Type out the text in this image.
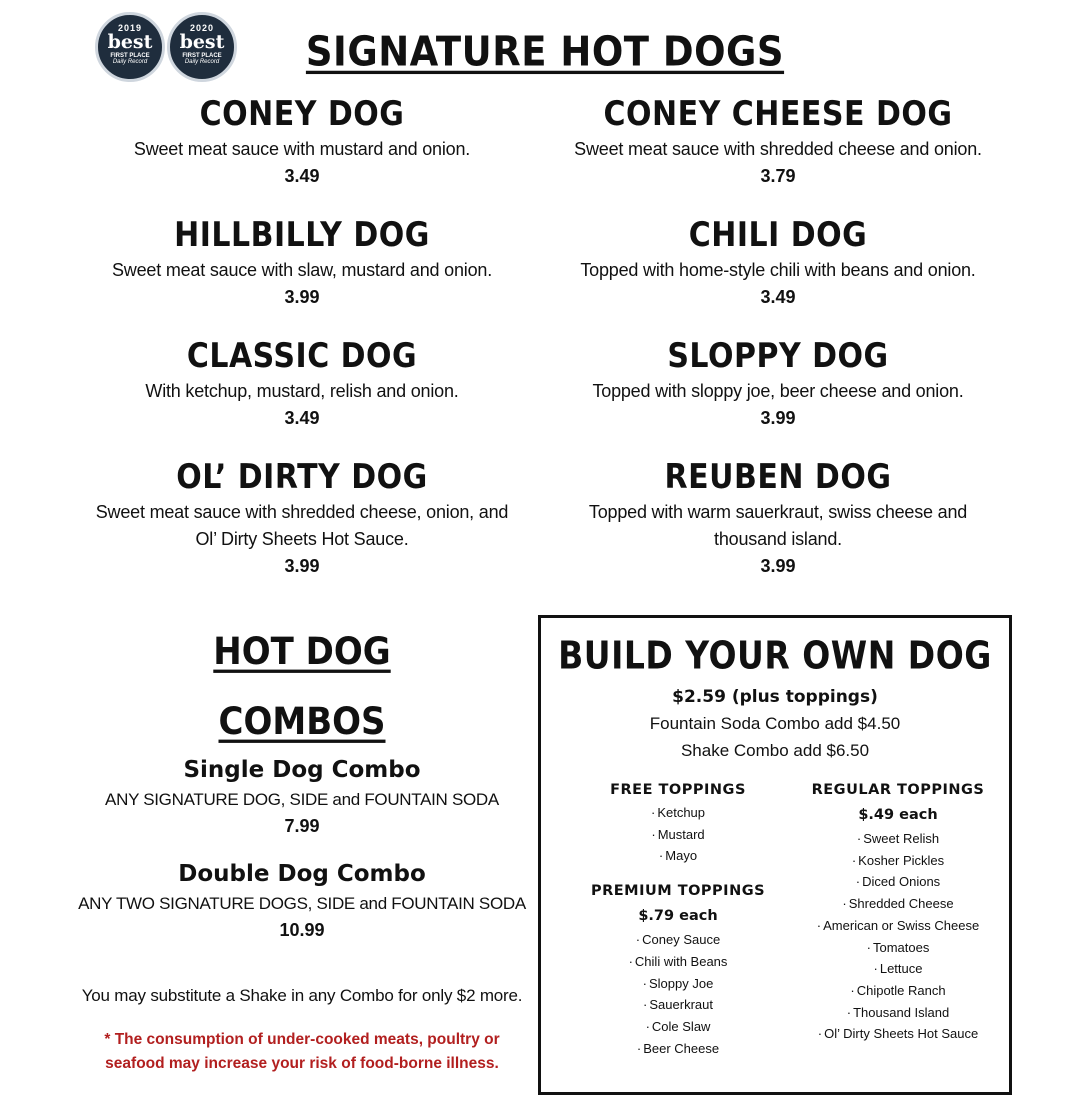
2019
best
FIRST PLACE
Daily Record
2020
best
FIRST PLACE
Daily Record	SIGNATURE HOT DOGS
CONEY DOG
Sweet meat sauce with mustard and onion.
3.49
HILLBILLY DOG
Sweet meat sauce with slaw, mustard and onion.
3.99
CLASSIC DOG
With ketchup, mustard, relish and onion.
3.49
OL’ DIRTY DOG
Sweet meat sauce with shredded cheese, onion, and
Ol’ Dirty Sheets Hot Sauce.
3.99
CONEY CHEESE DOG
Sweet meat sauce with shredded cheese and onion.
3.79
CHILI DOG
Topped with home-style chili with beans and onion.
3.49
SLOPPY DOG
Topped with sloppy joe, beer cheese and onion.
3.99
REUBEN DOG
Topped with warm sauerkraut, swiss cheese and
thousand island.
3.99
HOT DOG
COMBOS
Single Dog Combo
ANY SIGNATURE DOG, SIDE and FOUNTAIN SODA
7.99
Double Dog Combo
ANY TWO SIGNATURE DOGS, SIDE and FOUNTAIN SODA
10.99
You may substitute a Shake in any Combo for only $2 more.
* The consumption of under-cooked meats, poultry or
seafood may increase your risk of food-borne illness.
BUILD YOUR OWN DOG
$2.59 (plus toppings)
Fountain Soda Combo add $4.50
Shake Combo add $6.50
FREE TOPPINGS
· Ketchup
· Mustard
· Mayo
PREMIUM TOPPINGS
$.79 each
· Coney Sauce
· Chili with Beans
· Sloppy Joe
· Sauerkraut
· Cole Slaw
· Beer Cheese
REGULAR TOPPINGS
$.49 each
· Sweet Relish
· Kosher Pickles
· Diced Onions
· Shredded Cheese
· American or Swiss Cheese
· Tomatoes
· Lettuce
· Chipotle Ranch
· Thousand Island
· Ol’ Dirty Sheets Hot Sauce
